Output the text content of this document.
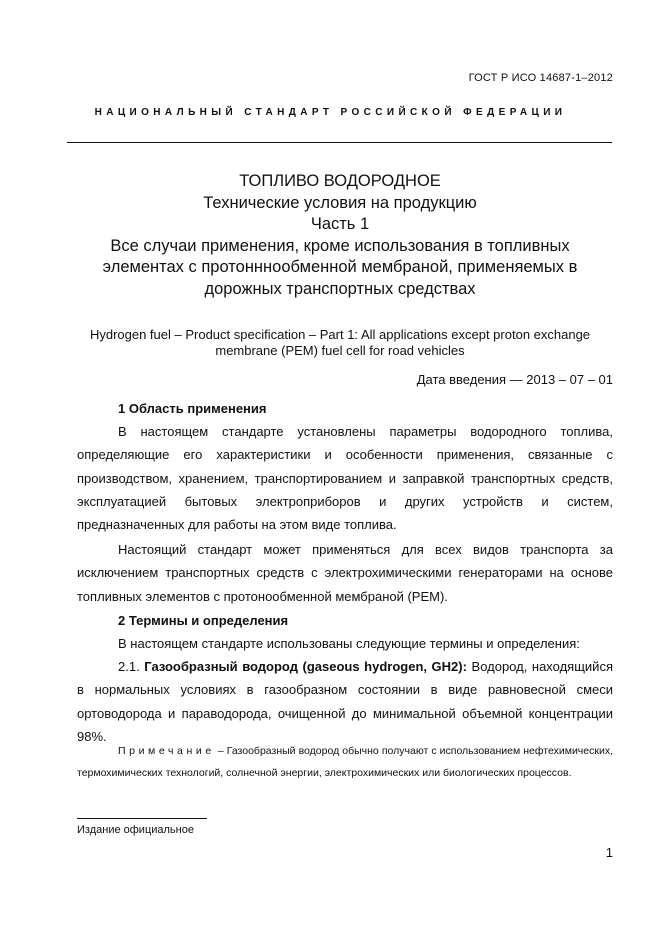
ГОСТ Р ИСО 14687-1–2012
НАЦИОНАЛЬНЫЙ СТАНДАРТ РОССИЙСКОЙ ФЕДЕРАЦИИ
ТОПЛИВО ВОДОРОДНОЕ
Технические условия на продукцию
Часть 1
Все случаи применения, кроме использования в топливных
элементах с протонннообменной мембраной, применяемых в
дорожных транспортных средствах
Hydrogen fuel – Product specification – Part 1: All applications except proton exchange membrane (PEM) fuel cell for road vehicles
Дата введения — 2013 – 07 – 01
1 Область применения
В настоящем стандарте установлены параметры водородного топлива, определяющие его характеристики и особенности применения, связанные с производством, хранением, транспортированием и заправкой транспортных средств, эксплуатацией бытовых электроприборов и других устройств и систем, предназначенных для работы на этом виде топлива.
Настоящий стандарт может применяться для всех видов транспорта за исключением транспортных средств с электрохимическими генераторами на основе топливных элементов с протонообменной мембраной (PEM).
2 Термины и определения
В настоящем стандарте использованы следующие термины и определения:
2.1. Газообразный водород (gaseous hydrogen, GH2): Водород, находящийся в нормальных условиях в газообразном состоянии в виде равновесной смеси ортоводорода и параводорода, очищенной до минимальной объемной концентрации 98%.
Примечание – Газообразный водород обычно получают с использованием нефтехимических, термохимических технологий, солнечной энергии, электрохимических или биологических процессов.
Издание официальное
1
